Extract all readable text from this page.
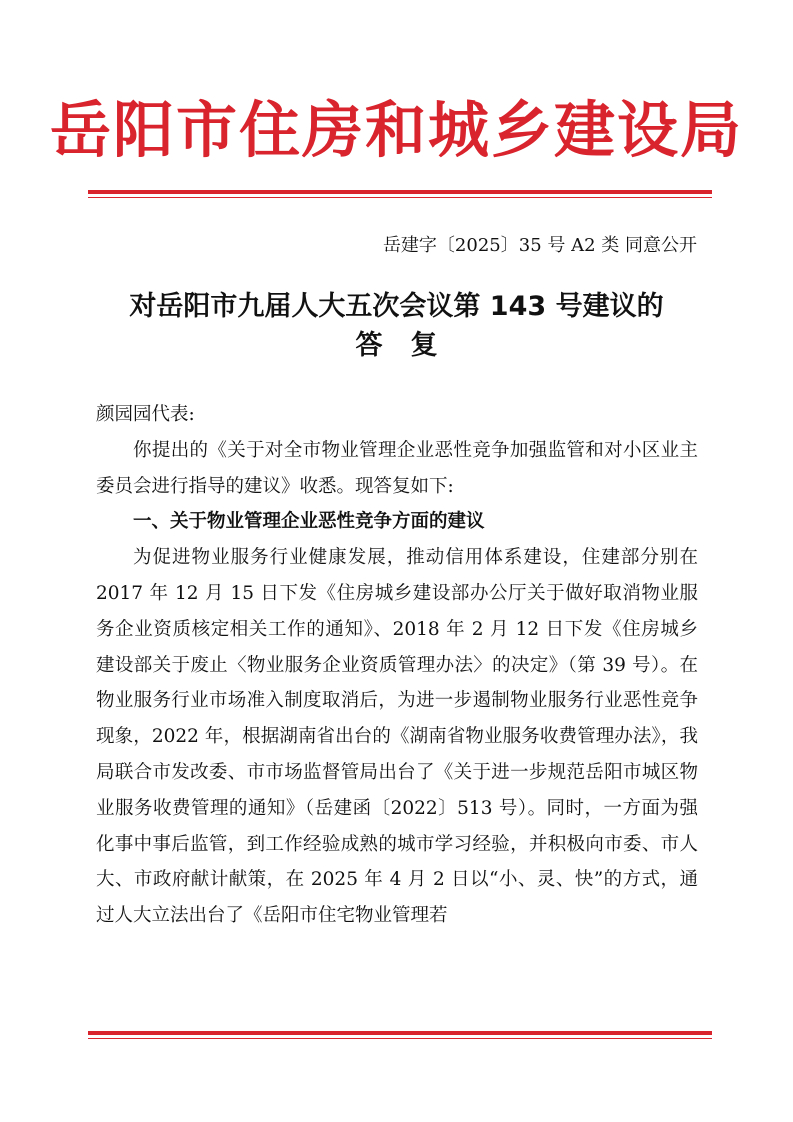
岳阳市住房和城乡建设局
岳建字〔2025〕35 号 A2 类 同意公开
对岳阳市九届人大五次会议第 143 号建议的
答复

颜园园代表:

你提出的《关于对全市物业管理企业恶性竞争加强监管和对小区业主委员会进行指导的建议》收悉。现答复如下:

一、关于物业管理企业恶性竞争方面的建议

为促进物业服务行业健康发展，推动信用体系建设，住建部分别在 2017 年 12 月 15 日下发《住房城乡建设部办公厅关于做好取消物业服务企业资质核定相关工作的通知》、2018 年 2 月 12 日下发《住房城乡建设部关于废止〈物业服务企业资质管理办法〉的决定》（第 39 号）。在物业服务行业市场准入制度取消后，为进一步遏制物业服务行业恶性竞争现象，2022 年，根据湖南省出台的《湖南省物业服务收费管理办法》，我局联合市发改委、市市场监督管局出台了《关于进一步规范岳阳市城区物业服务收费管理的通知》（岳建函〔2022〕513 号）。同时，一方面为强化事中事后监管，到工作经验成熟的城市学习经验，并积极向市委、市人大、市政府献计献策，在 2025 年 4 月 2 日以“小、灵、快”的方式，通过人大立法出台了《岳阳市住宅物业管理若
